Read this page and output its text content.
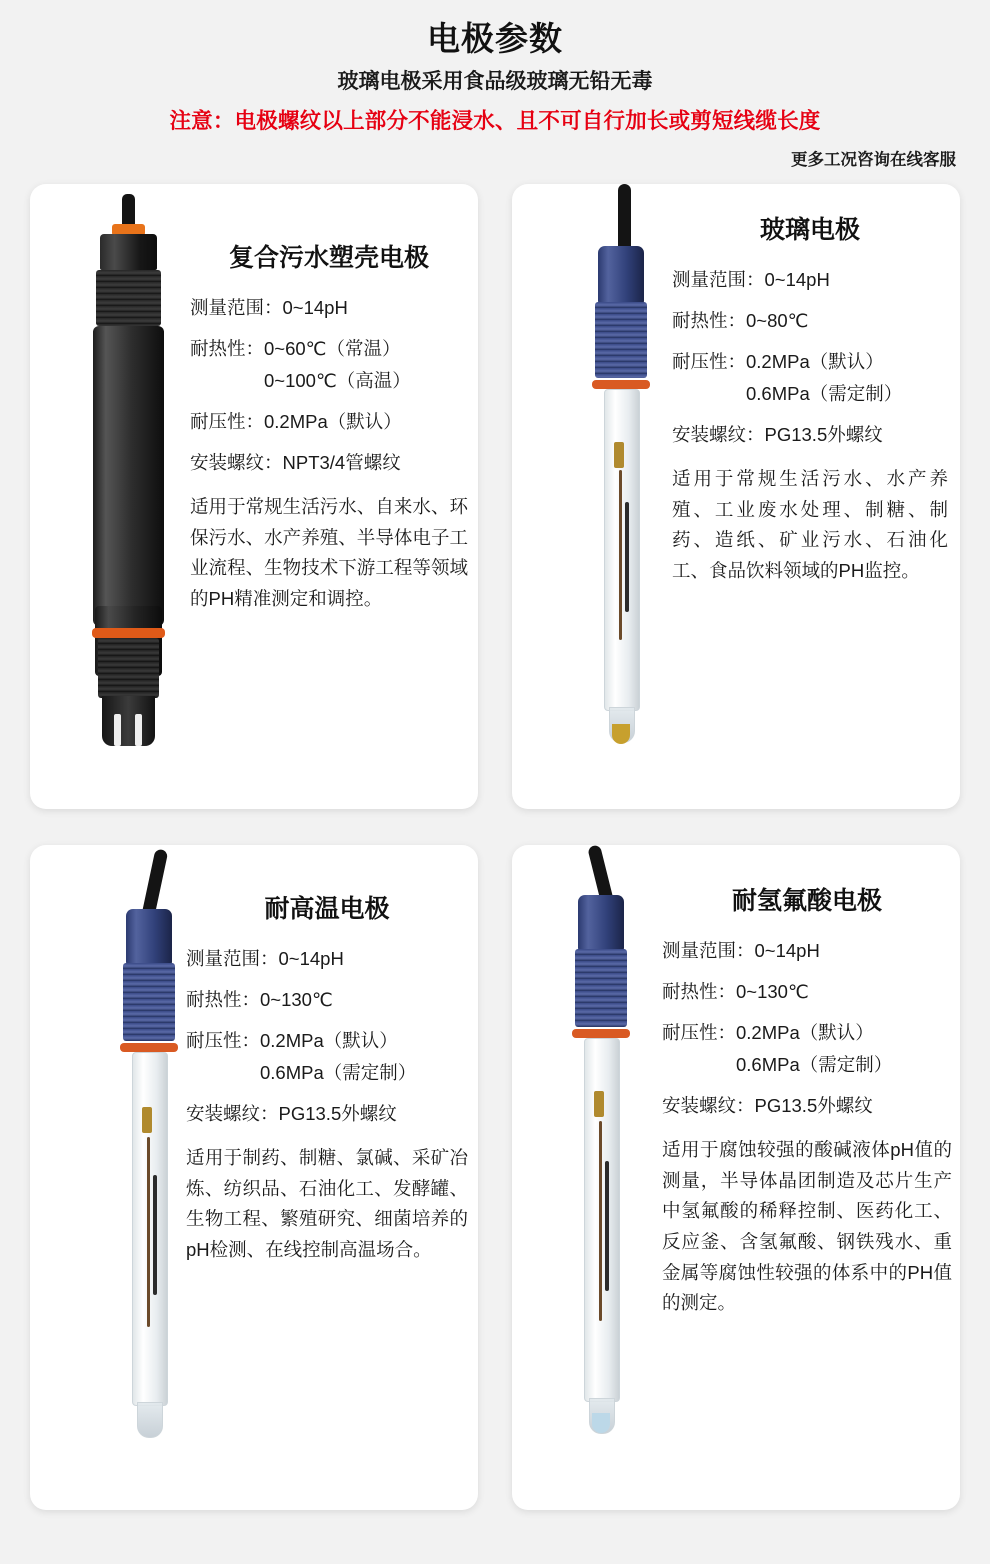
电极参数
玻璃电极采用食品级玻璃无铅无毒
注意：电极螺纹以上部分不能浸水、且不可自行加长或剪短线缆长度
更多工况咨询在线客服
复合污水塑壳电极
测量范围：0~14pH
耐热性：0~60℃（常温）
0~100℃（高温）
耐压性：0.2MPa（默认）
安装螺纹：NPT3/4管螺纹
适用于常规生活污水、自来水、环保污水、水产养殖、半导体电子工业流程、生物技术下游工程等领域的PH精准测定和调控。
玻璃电极
测量范围：0~14pH
耐热性：0~80℃
耐压性：0.2MPa（默认）
0.6MPa（需定制）
安装螺纹：PG13.5外螺纹
适用于常规生活污水、水产养殖、工业废水处理、制糖、制药、造纸、矿业污水、石油化工、食品饮料领域的PH监控。
耐高温电极
测量范围：0~14pH
耐热性：0~130℃
耐压性：0.2MPa（默认）
0.6MPa（需定制）
安装螺纹：PG13.5外螺纹
适用于制药、制糖、氯碱、采矿冶炼、纺织品、石油化工、发酵罐、生物工程、繁殖研究、细菌培养的pH检测、在线控制高温场合。
耐氢氟酸电极
测量范围：0~14pH
耐热性：0~130℃
耐压性：0.2MPa（默认）
0.6MPa（需定制）
安装螺纹：PG13.5外螺纹
适用于腐蚀较强的酸碱液体pH值的测量，半导体晶团制造及芯片生产中氢氟酸的稀释控制、医药化工、反应釜、含氢氟酸、钢铁残水、重金属等腐蚀性较强的体系中的PH值的测定。
